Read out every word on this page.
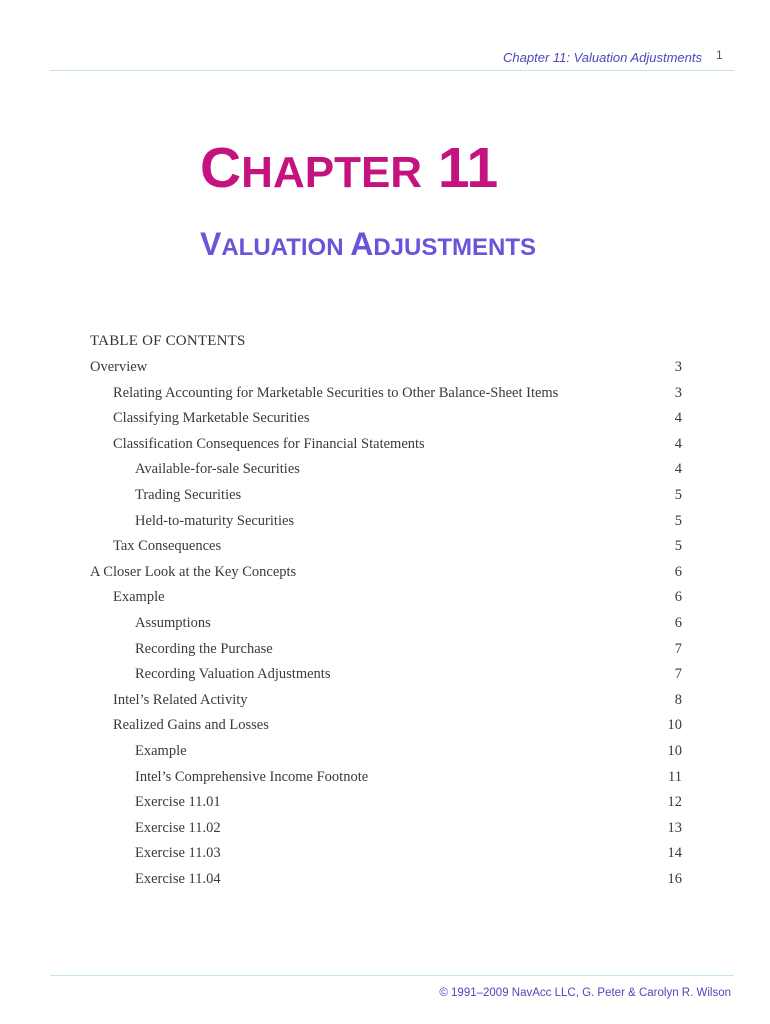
Chapter 11: Valuation Adjustments 1
CHAPTER 11
VALUATION ADJUSTMENTS
TABLE OF CONTENTS
Overview	3
Relating Accounting for Marketable Securities to Other Balance-Sheet Items	3
Classifying Marketable Securities	4
Classification Consequences for Financial Statements	4
Available-for-sale Securities	4
Trading Securities	5
Held-to-maturity Securities	5
Tax Consequences	5
A Closer Look at the Key Concepts	6
Example	6
Assumptions	6
Recording the Purchase	7
Recording Valuation Adjustments	7
Intel’s Related Activity	8
Realized Gains and Losses	10
Example	10
Intel’s Comprehensive Income Footnote	11
Exercise 11.01	12
Exercise 11.02	13
Exercise 11.03	14
Exercise 11.04	16
© 1991–2009 NavAcc LLC, G. Peter & Carolyn R. Wilson
